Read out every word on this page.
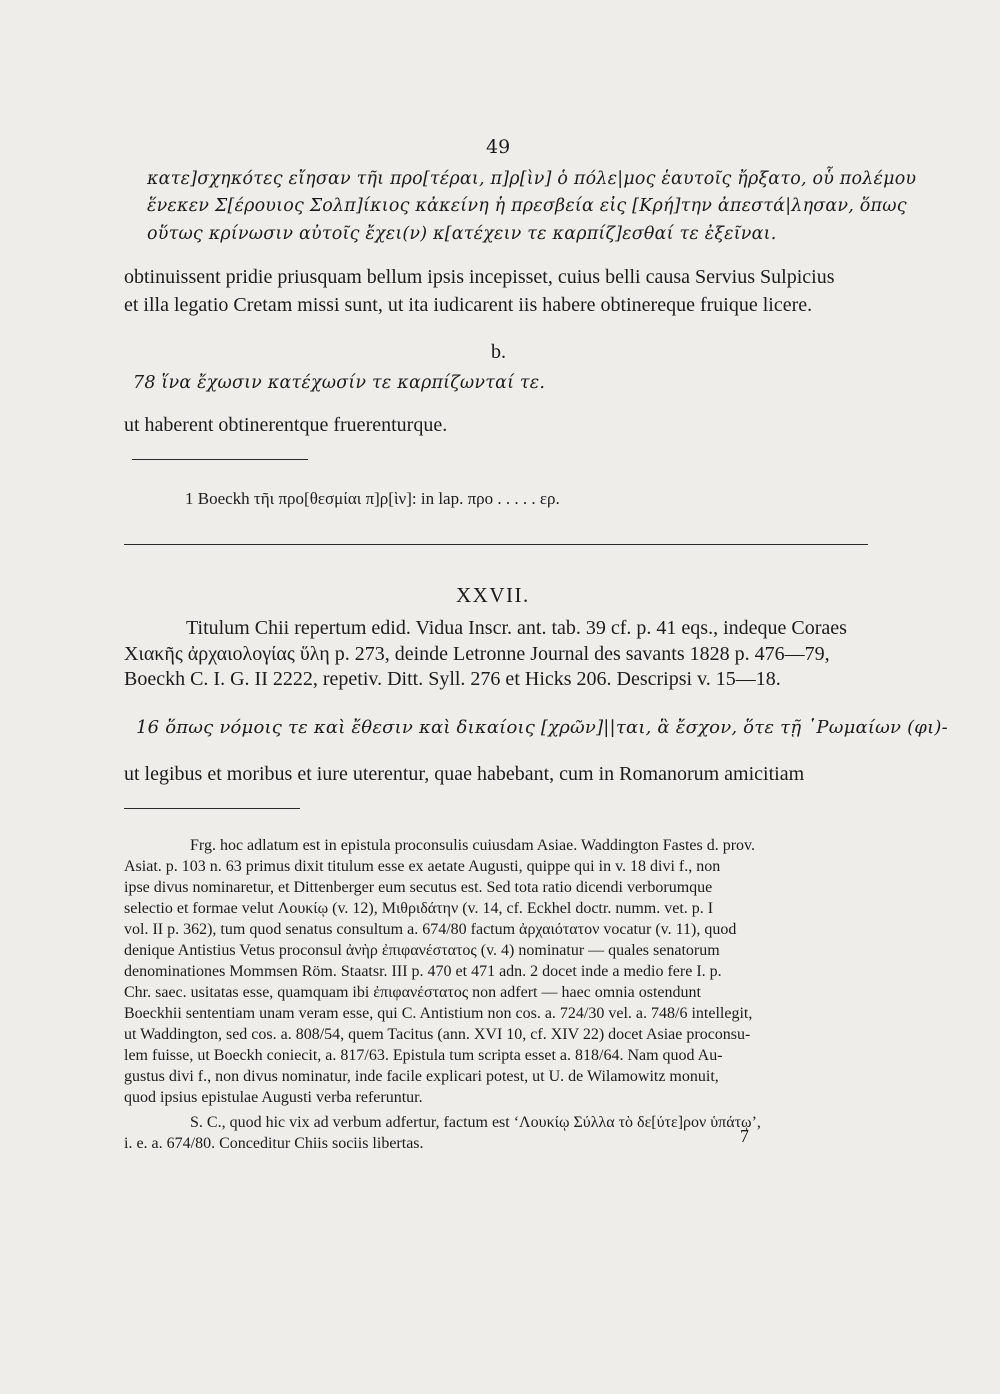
49
κατε]σχηκότες εἴησαν τῆι προ[τέραι, π]ρ[ὶν] ὁ πόλε|μος ἑαυτοῖς ἤρξατο, οὗ πολέμου
ἕνεκεν Σ[έρουιος Σολπ]ίκιος κἀκείνη ἡ πρεσβεία εἰς [Κρή]την ἀπεστά|λησαν, ὅπως
οὕτως κρίνωσιν αὐτοῖς ἔχει(ν) κ[ατέχειν τε καρπίζ]εσθαί τε ἐξεῖναι.
obtinuissent pridie priusquam bellum ipsis incepisset, cuius belli causa Servius Sulpicius
et illa legatio Cretam missi sunt, ut ita iudicarent iis habere obtinereque fruique licere.
b.
78 ἵνα ἔχωσιν κατέχωσίν τε καρπίζωνταί τε.
ut haberent obtinerentque fruerenturque.
1 Boeckh τῆι προ[θεσμίαι π]ρ[ὶν]: in lap. προ . . . . . ερ.
XXVII.
Titulum Chii repertum edid. Vidua Inscr. ant. tab. 39 cf. p. 41 eqs., indeque Coraes
Χιακῆς ἀρχαιολογίας ὕλη p. 273, deinde Letronne Journal des savants 1828 p. 476—79,
Boeckh C. I. G. II 2222, repetiv. Ditt. Syll. 276 et Hicks 206. Descripsi v. 15—18.
16 ὅπως νόμοις τε καὶ ἔθεσιν καὶ δικαίοις [χρῶν]||ται, ἃ ἔσχον, ὅτε τῇ ῾Ρωμαίων (φι)-
ut legibus et moribus et iure uterentur, quae habebant, cum in Romanorum amicitiam
Frg. hoc adlatum est in epistula proconsulis cuiusdam Asiae. Waddington Fastes d. prov.
Asiat. p. 103 n. 63 primus dixit titulum esse ex aetate Augusti, quippe qui in v. 18 divi f., non
ipse divus nominaretur, et Dittenberger eum secutus est. Sed tota ratio dicendi verborumque
selectio et formae velut Λουκίῳ (v. 12), Μιθριδάτην (v. 14, cf. Eckhel doctr. numm. vet. p. I
vol. II p. 362), tum quod senatus consultum a. 674/80 factum ἀρχαιότατον vocatur (v. 11), quod
denique Antistius Vetus proconsul ἀνὴρ ἐπιφανέστατος (v. 4) nominatur — quales senatorum
denominationes Mommsen Röm. Staatsr. III p. 470 et 471 adn. 2 docet inde a medio fere I. p.
Chr. saec. usitatas esse, quamquam ibi ἐπιφανέστατος non adfert — haec omnia ostendunt
Boeckhii sententiam unam veram esse, qui C. Antistium non cos. a. 724/30 vel. a. 748/6 intellegit,
ut Waddington, sed cos. a. 808/54, quem Tacitus (ann. XVI 10, cf. XIV 22) docet Asiae proconsu-
lem fuisse, ut Boeckh coniecit, a. 817/63. Epistula tum scripta esset a. 818/64. Nam quod Au-
gustus divi f., non divus nominatur, inde facile explicari potest, ut U. de Wilamowitz monuit,
quod ipsius epistulae Augusti verba referuntur.
S. C., quod hic vix ad verbum adfertur, factum est ‘Λουκίῳ Σύλλα τὸ δε[ύτε]ρον ὑπάτῳ’,
i. e. a. 674/80. Conceditur Chiis sociis libertas.	7
